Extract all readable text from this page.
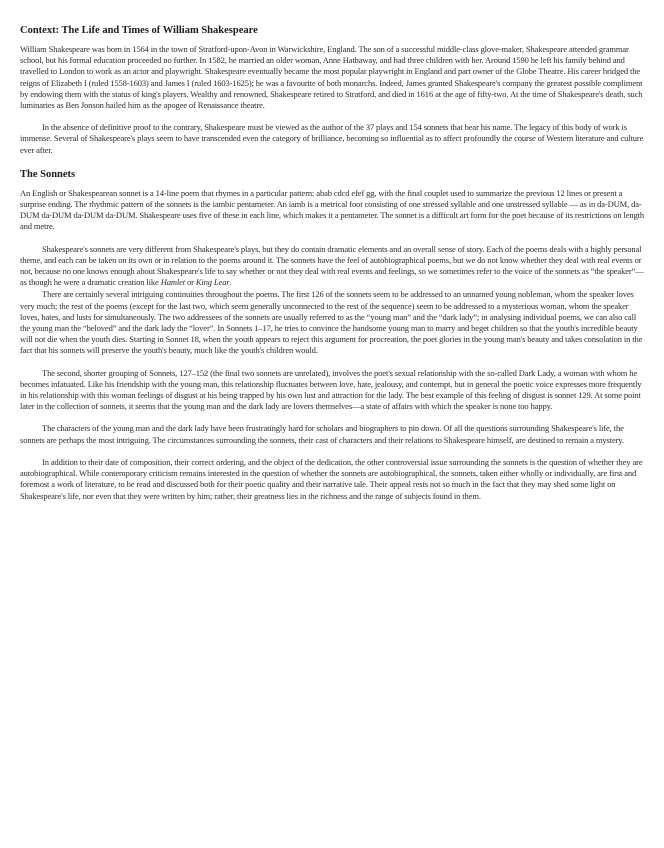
Context: The Life and Times of William Shakespeare

William Shakespeare was born in 1564 in the town of Stratford-upon-Avon in Warwickshire, England. The son of a successful middle-class glove-maker, Shakespeare attended grammar school, but his formal education proceeded no further. In 1582, he married an older woman, Anne Hathaway, and had three children with her. Around 1590 he left his family behind and travelled to London to work as an actor and playwright. Shakespeare eventually became the most popular playwright in England and part owner of the Globe Theatre. His career bridged the reigns of Elizabeth I (ruled 1558-1603) and James I (ruled 1603-1625); he was a favourite of both monarchs. Indeed, James granted Shakespeare's company the greatest possible compliment by endowing them with the status of king's players. Wealthy and renowned, Shakespeare retired to Stratford, and died in 1616 at the age of fifty-two. At the time of Shakespeare's death, such luminaries as Ben Jonson hailed him as the apogee of Renaissance theatre.

In the absence of definitive proof to the contrary, Shakespeare must be viewed as the author of the 37 plays and 154 sonnets that bear his name. The legacy of this body of work is immense. Several of Shakespeare's plays seem to have transcended even the category of brilliance, becoming so influential as to affect profoundly the course of Western literature and culture ever after.

The Sonnets

An English or Shakespearean sonnet is a 14-line poem that rhymes in a particular pattern: abab cdcd efef gg, with the final couplet used to summarize the previous 12 lines or present a surprise ending. The rhythmic pattern of the sonnets is the iambic pentameter. An iamb is a metrical foot consisting of one stressed syllable and one unstressed syllable — as in da-DUM, da-DUM da-DUM da-DUM da-DUM. Shakespeare uses five of these in each line, which makes it a pentameter. The sonnet is a difficult art form for the poet because of its restrictions on length and metre.

Shakespeare's sonnets are very different from Shakespeare's plays, but they do contain dramatic elements and an overall sense of story. Each of the poems deals with a highly personal theme, and each can be taken on its own or in relation to the poems around it. The sonnets have the feel of autobiographical poems, but we do not know whether they deal with real events or not, because no one knows enough about Shakespeare's life to say whether or not they deal with real events and feelings, so we sometimes refer to the voice of the sonnets as “the speaker”—as though he were a dramatic creation like Hamlet or King Lear.

There are certainly several intriguing continuities throughout the poems. The first 126 of the sonnets seem to be addressed to an unnamed young nobleman, whom the speaker loves very much; the rest of the poems (except for the last two, which seem generally unconnected to the rest of the sequence) seem to be addressed to a mysterious woman, whom the speaker loves, hates, and lusts for simultaneously. The two addressees of the sonnets are usually referred to as the “young man” and the “dark lady”; in analysing individual poems, we can also call the young man the “beloved” and the dark lady the “lover”. In Sonnets 1–17, he tries to convince the handsome young man to marry and beget children so that the youth's incredible beauty will not die when the youth dies. Starting in Sonnet 18, when the youth appears to reject this argument for procreation, the poet glories in the young man's beauty and takes consolation in the fact that his sonnets will preserve the youth's beauty, much like the youth's children would.

The second, shorter grouping of Sonnets, 127–152 (the final two sonnets are unrelated), involves the poet's sexual relationship with the so-called Dark Lady, a woman with whom he becomes infatuated. Like his friendship with the young man, this relationship fluctuates between love, hate, jealousy, and contempt, but in general the poetic voice expresses more frequently in his relationship with this woman feelings of disgust at his being trapped by his own lust and attraction for the lady. The best example of this feeling of disgust is sonnet 129. At some point later in the collection of sonnets, it seems that the young man and the dark lady are lovers themselves—a state of affairs with which the speaker is none too happy.

The characters of the young man and the dark lady have been frustratingly hard for scholars and biographers to pin down. Of all the questions surrounding Shakespeare's life, the sonnets are perhaps the most intriguing. The circumstances surrounding the sonnets, their cast of characters and their relations to Shakespeare himself, are destined to remain a mystery.

In addition to their date of composition, their correct ordering, and the object of the dedication, the other controversial issue surrounding the sonnets is the question of whether they are autobiographical. While contemporary criticism remains interested in the question of whether the sonnets are autobiographical, the sonnets, taken either wholly or individually, are first and foremost a work of literature, to be read and discussed both for their poetic quality and their narrative tale. Their appeal rests not so much in the fact that they may shed some light on Shakespeare's life, nor even that they were written by him; rather, their greatness lies in the richness and the range of subjects found in them.
